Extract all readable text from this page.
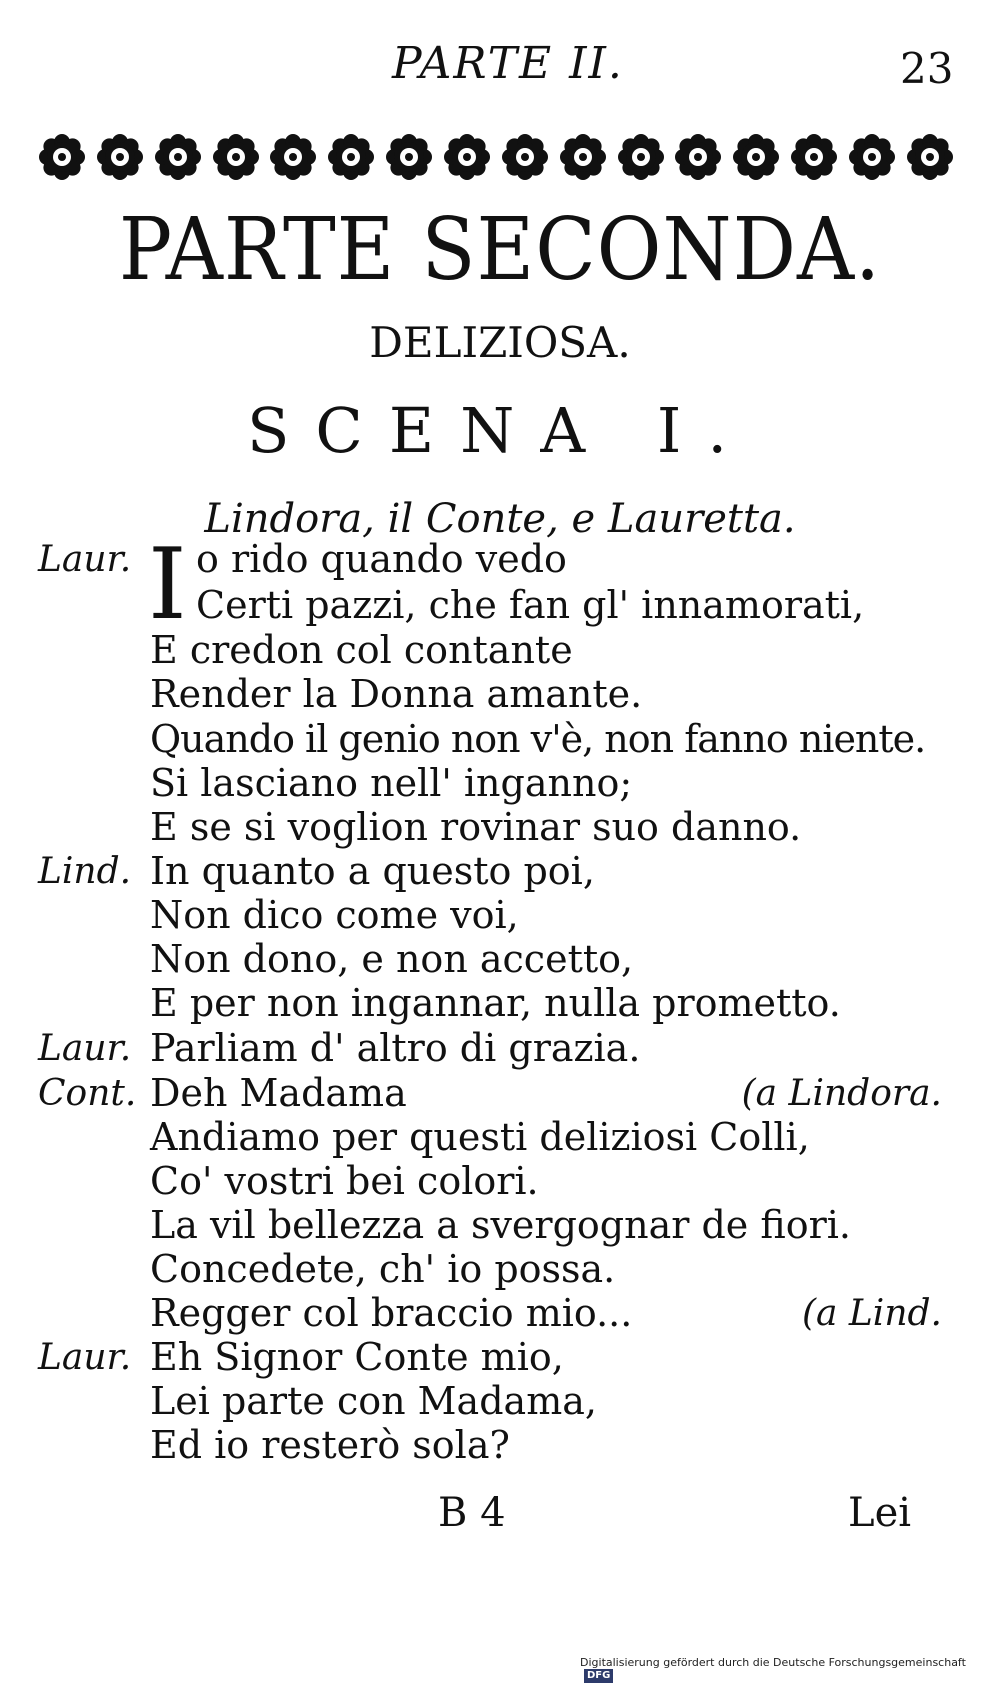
PARTE II.	23
PARTE SECONDA.
DELIZIOSA.
SCENA I.
Lindora, il Conte, e Lauretta.
I
Laur. o rido quando vedo
Certi pazzi, che fan gl' innamorati,
E credon col contante
Render la Donna amante.
Quando il genio non v'è, non fanno niente.
Si lasciano nell' inganno;
E se si voglion rovinar suo danno.
Lind. In quanto a questo poi,
Non dico come voi,
Non dono, e non accetto,
E per non ingannar, nulla prometto.
Laur. Parliam d' altro di grazia.
Cont. Deh Madama	(a Lindora.
Andiamo per questi deliziosi Colli,
Co' vostri bei colori.
La vil bellezza a svergognar de fiori.
Concedete, ch' io possa.
Regger col braccio mio...	(a Lind.
Laur. Eh Signor Conte mio,
Lei parte con Madama,
Ed io resterò sola?
B 4	Lei
Digitalisierung gefördert durch die Deutsche Forschungsgemeinschaft DFG
